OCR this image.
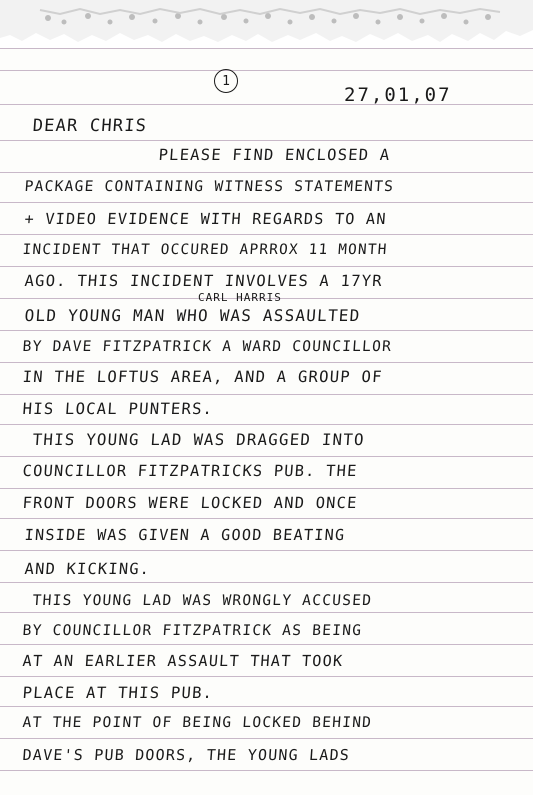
1
27,01,07
DEAR CHRIS
PLEASE FIND ENCLOSED A
PACKAGE CONTAINING WITNESS STATEMENTS
+ VIDEO EVIDENCE WITH REGARDS TO AN
INCIDENT THAT OCCURED APRROX 11 MONTH
AGO. THIS INCIDENT INVOLVES A 17YR
CARL HARRIS
OLD YOUNG MAN WHO WAS ASSAULTED
BY DAVE FITZPATRICK A WARD COUNCILLOR
IN THE LOFTUS AREA, AND A GROUP OF
HIS LOCAL PUNTERS.
THIS YOUNG LAD WAS DRAGGED INTO
COUNCILLOR FITZPATRICKS PUB. THE
FRONT DOORS WERE LOCKED AND ONCE
INSIDE WAS GIVEN A GOOD BEATING
AND KICKING.
THIS YOUNG LAD WAS WRONGLY ACCUSED
BY COUNCILLOR FITZPATRICK AS BEING
AT AN EARLIER ASSAULT THAT TOOK
PLACE AT THIS PUB.
AT THE POINT OF BEING LOCKED BEHIND
DAVE'S PUB DOORS, THE YOUNG LADS
